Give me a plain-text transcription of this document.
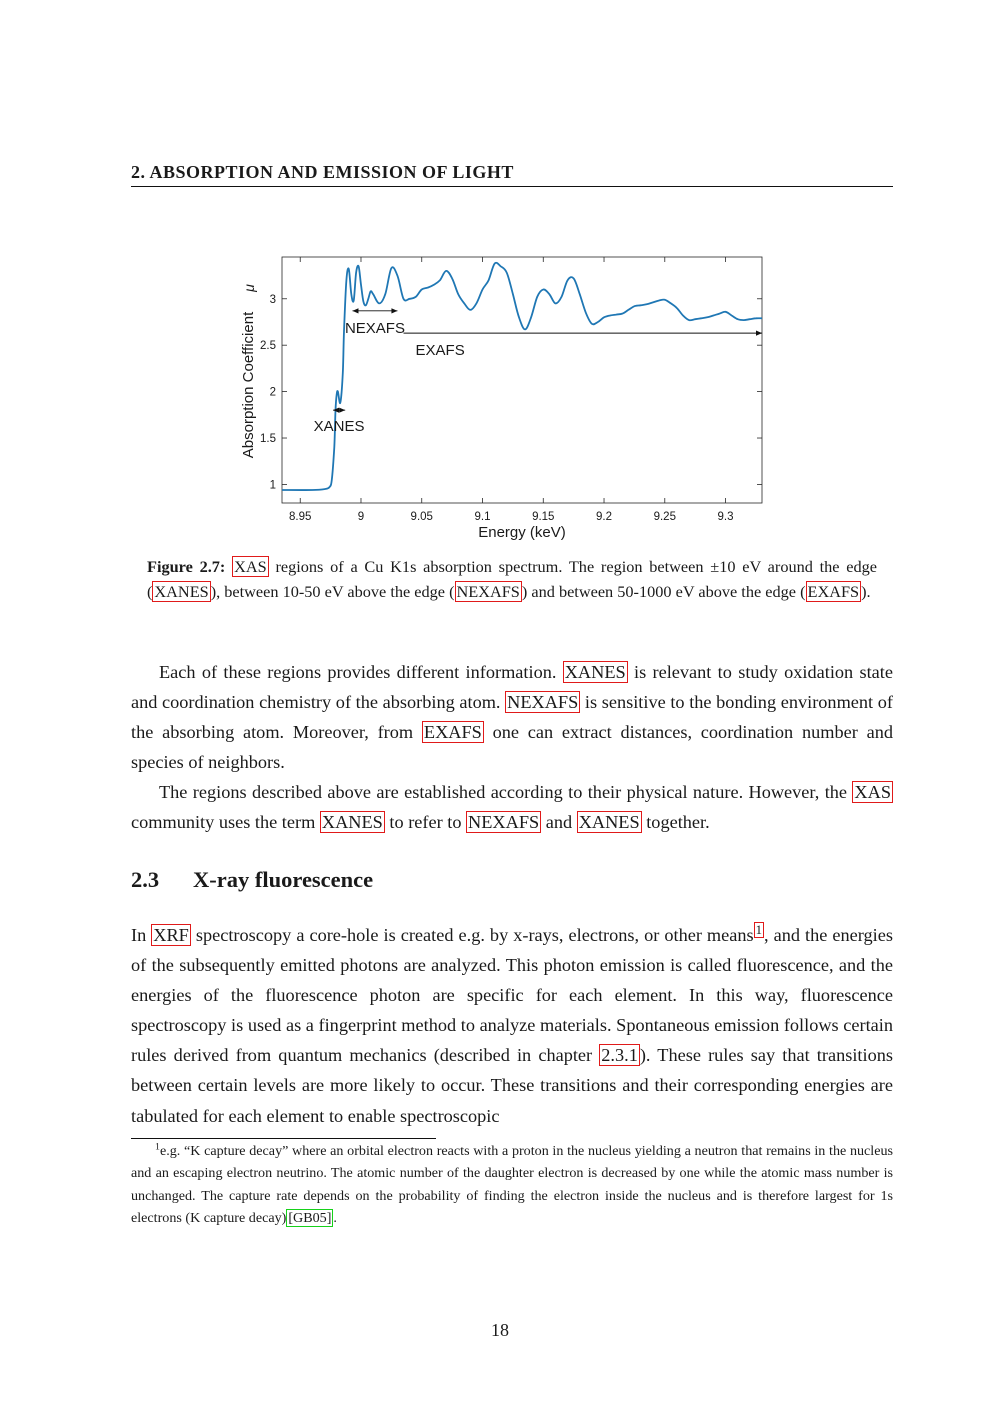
2. ABSORPTION AND EMISSION OF LIGHT
8.95	9	9.05	9.1	9.15	9.2	9.25	9.3
1
1.5
2
2.5
3
XANES
NEXAFS
EXAFS
Energy (keV)
Absorption Coefficient
μ
Figure 2.7: XAS regions of a Cu K1s absorption spectrum. The region between ±10 eV around the edge ( XANES ), between 10-50 eV above the edge ( NEXAFS ) and between 50-1000 eV above the edge ( EXAFS ).

Each of these regions provides different information. XANES is relevant to study oxidation state and coordination chemistry of the absorbing atom. NEXAFS is sensitive to the bonding environment of the absorbing atom. Moreover, from EXAFS one can extract distances, coordination number and species of neighbors.

The regions described above are established according to their physical nature. However, the XAS community uses the term XANES to refer to NEXAFS and XANES together.

2.3 X-ray fluorescence

In XRF spectroscopy a core-hole is created e.g. by x-rays, electrons, or other means $^1$ , and the energies of the subsequently emitted photons are analyzed. This photon emission is called fluorescence, and the energies of the fluorescence photon are specific for each element. In this way, fluorescence spectroscopy is used as a fingerprint method to analyze materials. Spontaneous emission follows certain rules derived from quantum mechanics (described in chapter 2.3.1 ). These rules say that transitions between certain levels are more likely to occur. These transitions and their corresponding energies are tabulated for each element to enable spectroscopic

$^1$e.g. “K capture decay” where an orbital electron reacts with a proton in the nucleus yielding a neutron that remains in the nucleus and an escaping electron neutrino. The atomic number of the daughter electron is decreased by one while the atomic mass number is unchanged. The capture rate depends on the probability of finding the electron inside the nucleus and is therefore largest for 1s electrons (K capture decay) [GB05] .

18
